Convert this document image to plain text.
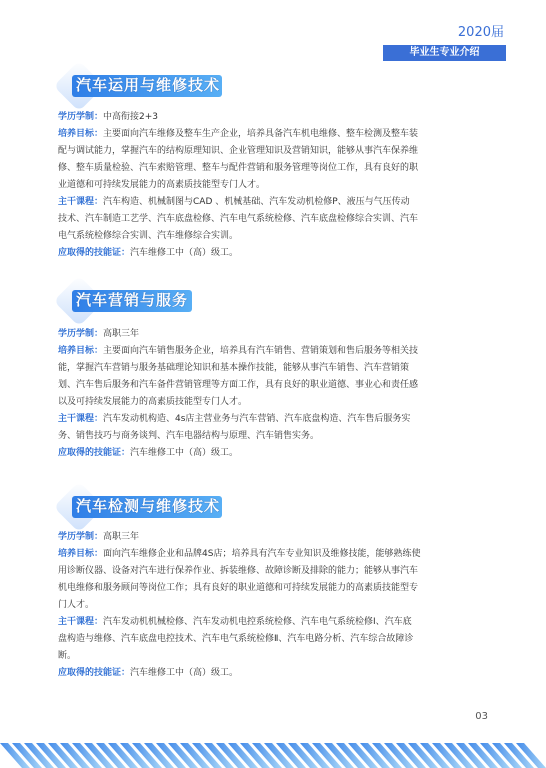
2020届
毕业生专业介绍
汽车运用与维修技术

学历学制：中高衔接2+3

培养目标：主要面向汽车维修及整车生产企业，培养具备汽车机电维修、整车检测及整车装

配与调试能力，掌握汽车的结构原理知识、企业管理知识及营销知识，能够从事汽车保养维

修、整车质量检验、汽车索赔管理、整车与配件营销和服务管理等岗位工作，具有良好的职

业道德和可持续发展能力的高素质技能型专门人才。

主干课程：汽车构造、机械制图与CAD 、机械基础、汽车发动机检修P、液压与气压传动

技术、汽车制造工艺学、汽车底盘检修、汽车电气系统检修、汽车底盘检修综合实训、汽车

电气系统检修综合实训、汽车维修综合实训。

应取得的技能证：汽车维修工中（高）级工。

汽车营销与服务

学历学制：高职三年

培养目标：主要面向汽车销售服务企业，培养具有汽车销售、营销策划和售后服务等相关技

能，掌握汽车营销与服务基础理论知识和基本操作技能，能够从事汽车销售、汽车营销策

划、汽车售后服务和汽车备件营销管理等方面工作，具有良好的职业道德、事业心和责任感

以及可持续发展能力的高素质技能型专门人才。

主干课程：汽车发动机构造、4s店主营业务与汽车营销、汽车底盘构造、汽车售后服务实

务、销售技巧与商务谈判、汽车电器结构与原理、汽车销售实务。

应取得的技能证：汽车维修工中（高）级工。

汽车检测与维修技术

学历学制：高职三年

培养目标：面向汽车维修企业和品牌4S店；培养具有汽车专业知识及维修技能，能够熟练使

用诊断仪器、设备对汽车进行保养作业、拆装维修、故障诊断及排除的能力；能够从事汽车

机电维修和服务顾问等岗位工作；具有良好的职业道德和可持续发展能力的高素质技能型专

门人才。

主干课程：汽车发动机机械检修、汽车发动机电控系统检修、汽车电气系统检修Ⅰ、汽车底

盘构造与维修、汽车底盘电控技术、汽车电气系统检修Ⅱ、汽车电路分析、汽车综合故障诊

断。

应取得的技能证：汽车维修工中（高）级工。

03
